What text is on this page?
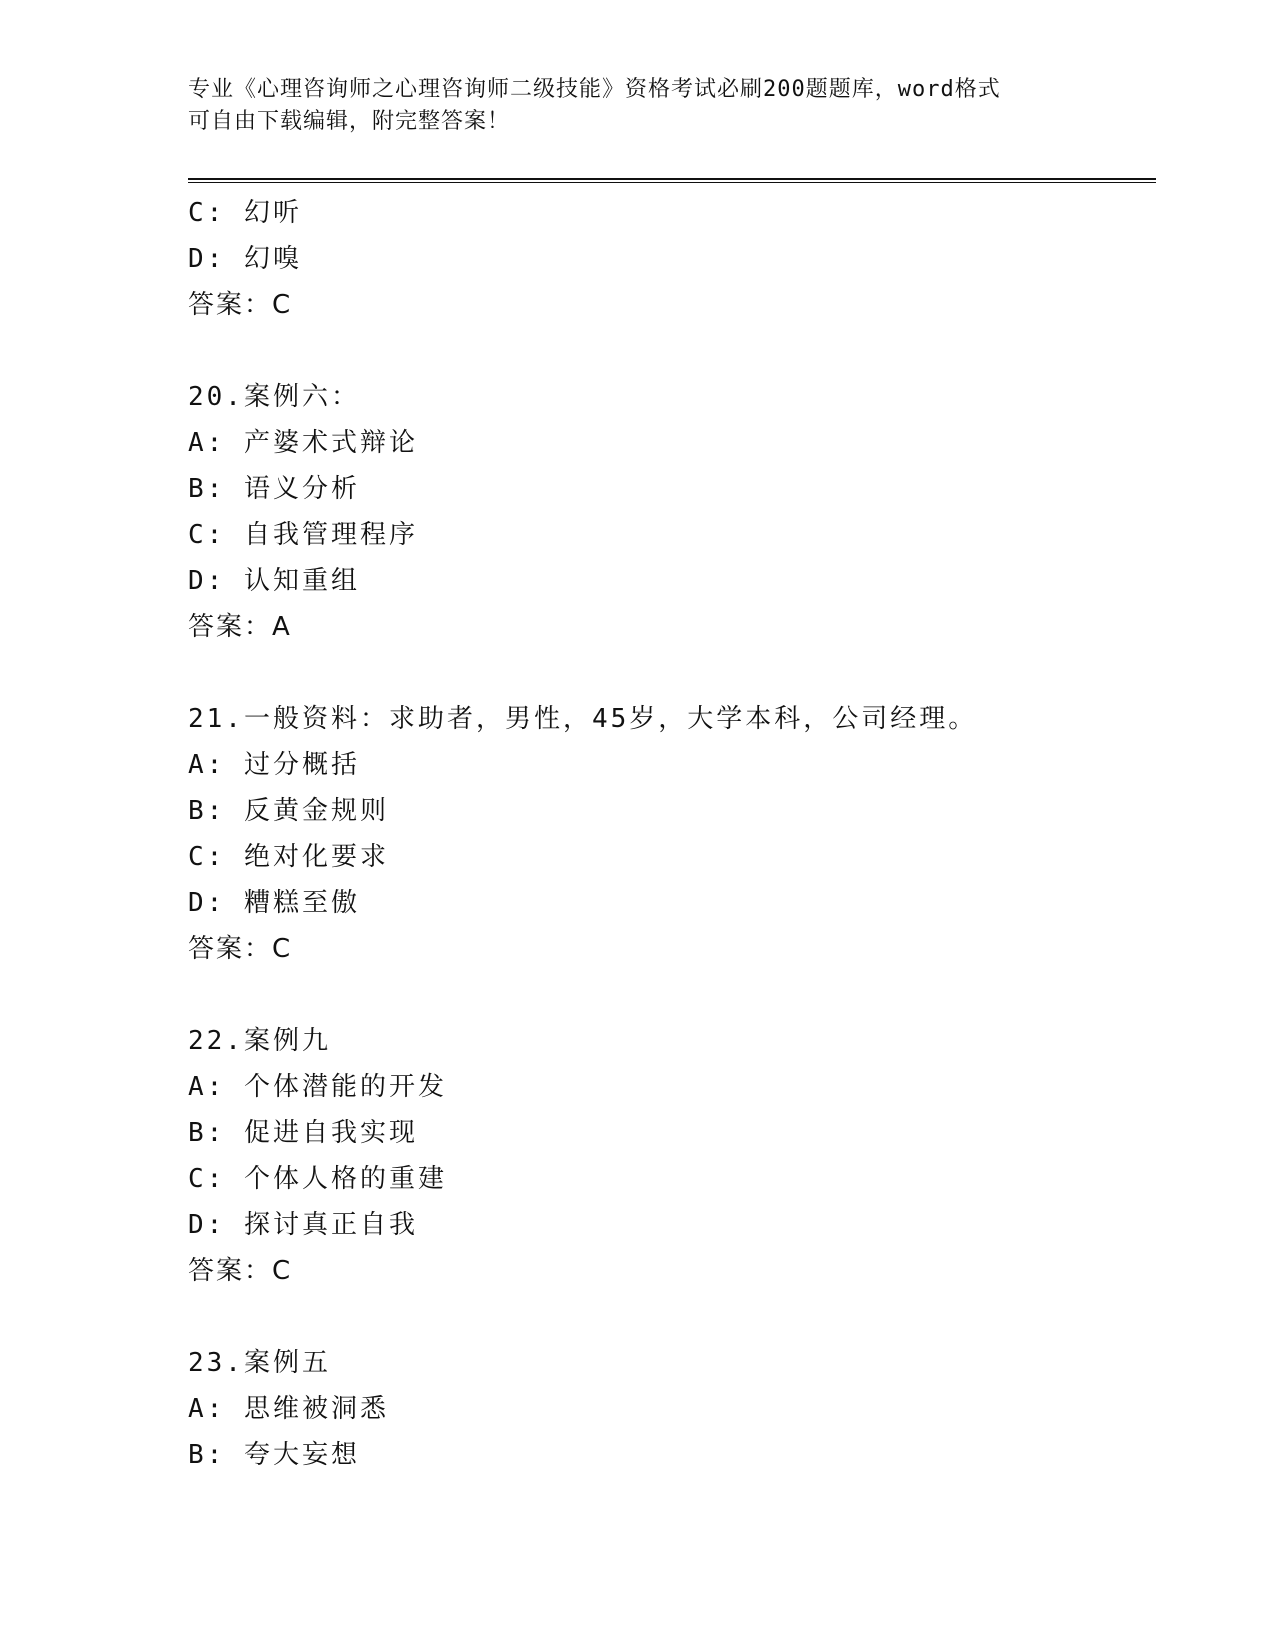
专业《心理咨询师之心理咨询师二级技能》资格考试必刷200题题库，word格式
可自由下载编辑，附完整答案！
C: 幻听
D: 幻嗅
答案：C
20.案例六：
A: 产婆术式辩论
B: 语义分析
C: 自我管理程序
D: 认知重组
答案：A
21.一般资料：求助者，男性，45岁，大学本科，公司经理。
A: 过分概括
B: 反黄金规则
C: 绝对化要求
D: 糟糕至傲
答案：C
22.案例九
A: 个体潜能的开发
B: 促进自我实现
C: 个体人格的重建
D: 探讨真正自我
答案：C
23.案例五
A: 思维被洞悉
B: 夸大妄想
